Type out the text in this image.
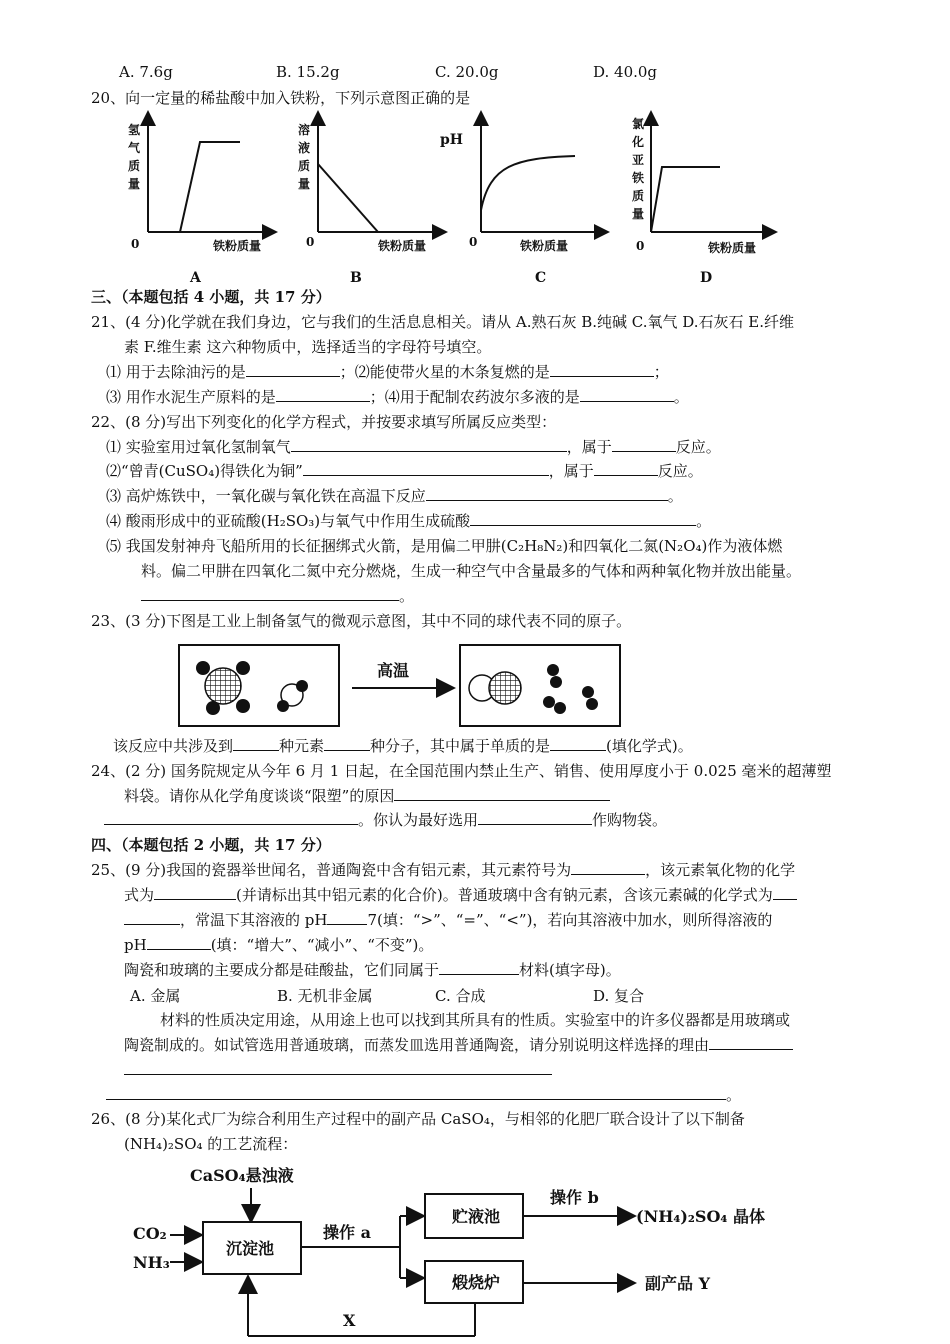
A. 7.6g	B. 15.2g	C. 20.0g	D. 40.0g
20、向一定量的稀盐酸中加入铁粉，下列示意图正确的是
氢
气
质
量
0	铁粉质量
A
溶
液
质
量
0	铁粉质量
B
pH
0	铁粉质量
C
氯
化
亚
铁
质
量
0	铁粉质量
D
三、（本题包括 4 小题，共 17 分）
21、(4 分)化学就在我们身边，它与我们的生活息息相关。请从 A.熟石灰 B.纯碱 C.氧气 D.石灰石 E.纤维
素 F.维生素 这六种物质中，选择适当的字母符号填空。
⑴ 用于去除油污的是	；⑵能使带火星的木条复燃的是	；
⑶ 用作水泥生产原料的是	；⑷用于配制农药波尔多液的是	。
22、(8 分)写出下列变化的化学方程式，并按要求填写所属反应类型：
⑴ 实验室用过氧化氢制氧气	，属于	反应。
⑵“曾青(CuSO₄)得铁化为铜”	，属于	反应。
⑶ 高炉炼铁中，一氧化碳与氧化铁在高温下反应	。
⑷ 酸雨形成中的亚硫酸(H₂SO₃)与氧气中作用生成硫酸	。
⑸ 我国发射神舟飞船所用的长征捆绑式火箭，是用偏二甲肼(C₂H₈N₂)和四氧化二氮(N₂O₄)作为液体燃
料。偏二甲肼在四氧化二氮中充分燃烧，生成一种空气中含量最多的气体和两种氧化物并放出能量。
。
23、(3 分)下图是工业上制备氢气的微观示意图，其中不同的球代表不同的原子。
高温
该反应中共涉及到	种元素	种分子，其中属于单质的是	(填化学式)。
24、(2 分) 国务院规定从今年 6 月 1 日起，在全国范围内禁止生产、销售、使用厚度小于 0.025 毫米的超薄塑
料袋。请你从化学角度谈谈“限塑”的原因
。你认为最好选用	作购物袋。
四、（本题包括 2 小题，共 17 分）
25、(9 分)我国的瓷器举世闻名，普通陶瓷中含有铝元素，其元素符号为	，该元素氧化物的化学
式为	(并请标出其中铝元素的化合价)。普通玻璃中含有钠元素，含该元素碱的化学式为
，常温下其溶液的 pH	7(填：“>”、“=”、“<”)，若向其溶液中加水，则所得溶液的
pH	(填：“增大”、“减小”、“不变”)。
陶瓷和玻璃的主要成分都是硅酸盐，它们同属于	材料(填字母)。
A. 金属	B. 无机非金属	C. 合成	D. 复合
材料的性质决定用途，从用途上也可以找到其所具有的性质。实验室中的许多仪器都是用玻璃或
陶瓷制成的。如试管选用普通玻璃，而蒸发皿选用普通陶瓷，请分别说明这样选择的理由
。
26、(8 分)某化式厂为综合利用生产过程中的副产品 CaSO₄，与相邻的化肥厂联合设计了以下制备
(NH₄)₂SO₄ 的工艺流程：
CaSO₄悬浊液
CO₂
NH₃
沉淀池
操作 a
贮液池
操作 b
(NH₄)₂SO₄ 晶体
煅烧炉	副产品 Y
X
